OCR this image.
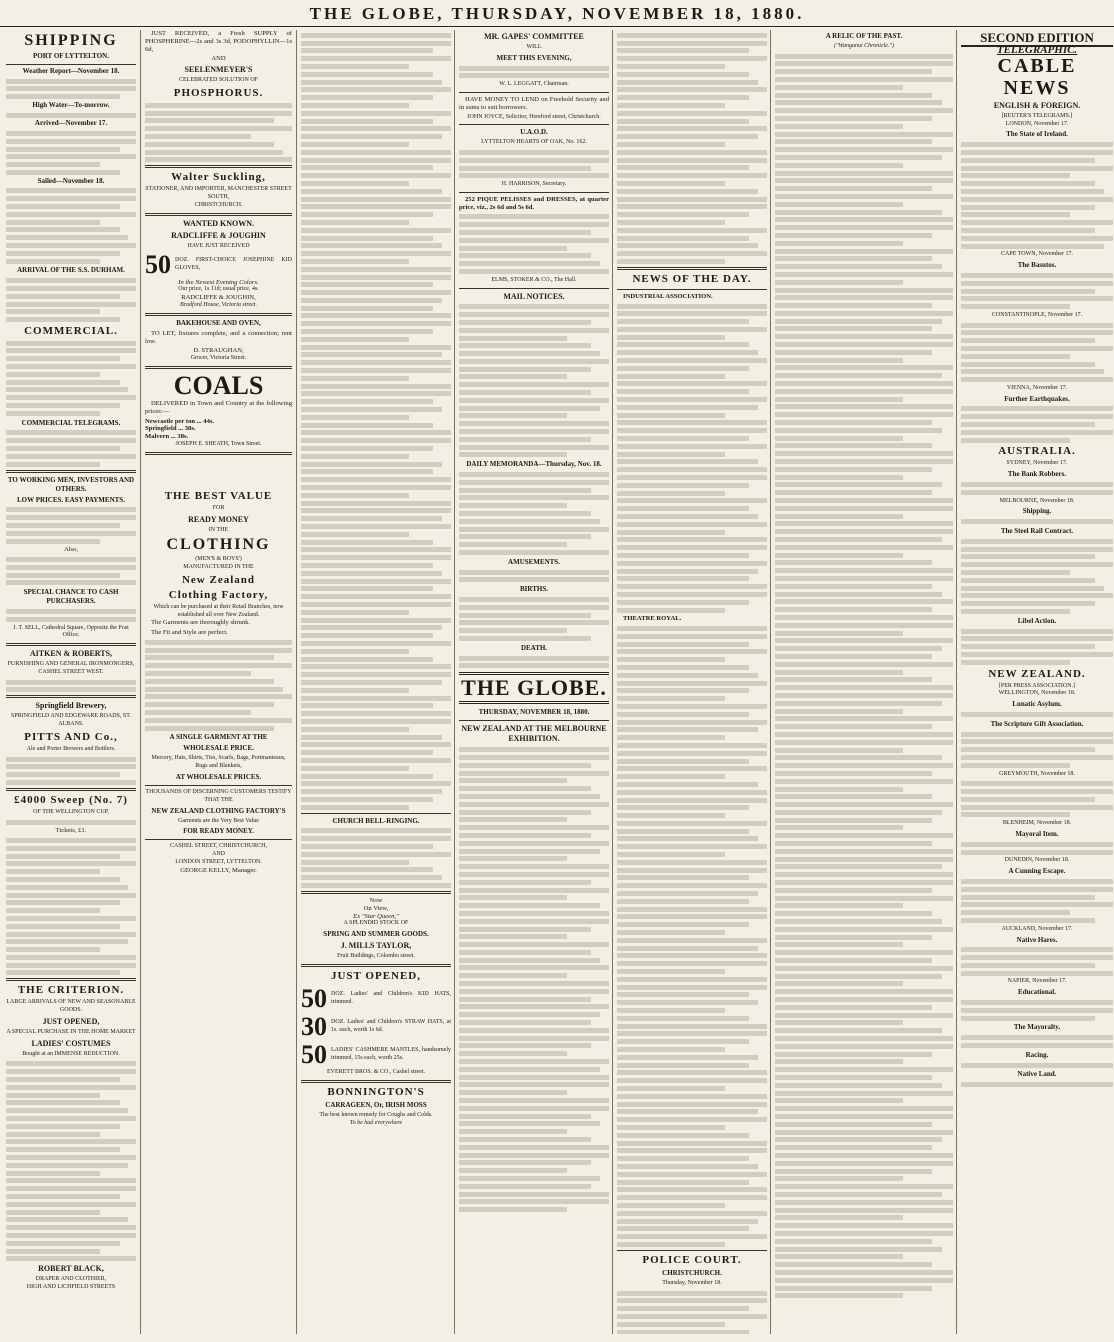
THE GLOBE, THURSDAY, NOVEMBER 18, 1880.
SHIPPING
PORT OF LYTTELTON.
Weather Report—November 18.
High Water—To-morrow.
Arrived—November 17.
Sailed—November 18.
ARRIVAL OF THE S.S. DURHAM.
COMMERCIAL.
COMMERCIAL TELEGRAMS.
TO WORKING MEN, INVESTORS AND OTHERS.
LOW PRICES. EASY PAYMENTS.
Also,
SPECIAL CHANCE TO CASH PURCHASERS.
J. T. SELL, Cathedral Square, Opposite the Post Office.
AITKEN & ROBERTS,
FURNISHING AND GENERAL IRONMONGERS,
CASHEL STREET WEST.
Springfield Brewery,
SPRINGFIELD AND EDGEWARE ROADS, ST. ALBANS.
PITTS AND Co.,
Ale and Porter Brewers and Bottlers.
£4000 Sweep (No. 7)
OF THE WELLINGTON CUP,
Tickets, £1.
THE CRITERION.
LARGE ARRIVALS OF NEW AND SEASONABLE GOODS.
JUST OPENED,
A SPECIAL PURCHASE IN THE HOME MARKET
LADIES' COSTUMES
Bought at an IMMENSE REDUCTION.
ROBERT BLACK,
DRAPER AND CLOTHIER,
HIGH AND LICHFIELD STREETS
JUST RECEIVED, a Fresh SUPPLY of PHOSPHERINE—2s and 3s 3d, PODOPHYLLIN—1s 6d,
AND
SEELENMEYER'S
CELEBRATED SOLUTION OF
PHOSPHORUS.
Walter Suckling,
STATIONER, AND IMPORTER, MANCHESTER STREET SOUTH,
CHRISTCHURCH.
WANTED KNOWN.
RADCLIFFE & JOUGHIN
HAVE JUST RECEIVED
50 DOZ. FIRST-CHOICE JOSEPHINE KID GLOVES,
In the Newest Evening Colors.
Our price, 1s 11d; usual price, 4s.
RADCLIFFE & JOUGHIN,
Bradford House, Victoria street.
BAKEHOUSE AND OVEN,
TO LET, fixtures complete, and a connection; rent low.
D. STRAUGHAN,
Grocer, Victoria Street.
COALS
DELIVERED in Town and Country at the following prices:—
Newcastle per ton ... 44s.
Springfield ... 38s.
Malvern ... 38s.
JOSEPH E. SHEATH, Town Street.
THE BEST VALUE
FOR
READY MONEY
IN THE
CLOTHING
(MEN'S & BOYS')
MANUFACTURED IN THE
New Zealand
Clothing Factory,
Which can be purchased at their Retail Branches, now established all over New Zealand.
The Garments are thoroughly shrunk.
The Fit and Style are perfect.
A SINGLE GARMENT AT THE
WHOLESALE PRICE.
Mercery, Hats, Shirts, Ties, Scarfs, Bags, Portmanteaus, Rugs and Blankets,
AT WHOLESALE PRICES.
THOUSANDS OF DISCERNING CUSTOMERS TESTIFY
THAT THE
NEW ZEALAND CLOTHING FACTORY'S
Garments are the Very Best Value
FOR READY MONEY.
CASHEL STREET, CHRISTCHURCH,
AND
LONDON STREET, LYTTELTON.
GEORGE KELLY, Manager.
CHURCH BELL-RINGING.
Now
On View,
Ex "Star Queen,"
A SPLENDID STOCK OF
SPRING AND SUMMER GOODS.
J. MILLS TAYLOR,
Fruit Buildings, Colombo street.
JUST OPENED,
50 DOZ. Ladies' and Children's KID HATS, trimmed.
30 DOZ. Ladies' and Children's STRAW HATS, at 1s. each, worth 1s 6d.
50 LADIES' CASHMERE MANTLES, handsomely trimmed, 15s each, worth 25s.
EVERETT BROS. & CO., Cashel street.
BONNINGTON'S
CARRAGEEN, Or, IRISH MOSS
The best known remedy for Coughs and Colds.
To be had everywhere
MR. GAPES' COMMITTEE
WILL
MEET THIS EVENING,
W. L. LEGGATT, Chairman.
HAVE MONEY TO LEND on Freehold Security and in sums to suit borrowers.
JOHN JOYCE, Solicitor, Hereford street, Christchurch.
U.A.O.D.
LYTTELTON HEARTS OF OAK, No. 162.
H. HARRISON, Secretary.
252 PIQUE PELISSES and DRESSES, at quarter price, viz., 2s 6d and 5s 6d.
ELMS, STOKER & CO., The Hall.
MAIL NOTICES.
DAILY MEMORANDA—Thursday, Nov. 18.
AMUSEMENTS.
BIRTHS.
DEATH.
THE GLOBE.
THURSDAY, NOVEMBER 18, 1880.
NEW ZEALAND AT THE MELBOURNE EXHIBITION.
NEWS OF THE DAY.
INDUSTRIAL ASSOCIATION.
THEATRE ROYAL.
POLICE COURT.
CHRISTCHURCH.
Thursday, November 18.
A RELIC OF THE PAST.
("Wanganui Chronicle.")
SECOND EDITION
TELEGRAPHIC.
CABLE NEWS
ENGLISH & FOREIGN.
[REUTER'S TELEGRAMS.]
LONDON, November 17.
The State of Ireland.
CAPE TOWN, November 17.
The Basutos.
CONSTANTINOPLE, November 17.
VIENNA, November 17.
Further Earthquakes.
AUSTRALIA.
SYDNEY, November 17.
The Bank Robbers.
MELBOURNE, November 18.
Shipping.
The Steel Rail Contract.
Libel Action.
NEW ZEALAND.
[PER PRESS ASSOCIATION.]
WELLINGTON, November 18.
Lunatic Asylum.
The Scripture Gift Association.
GREYMOUTH, November 18.
BLENHEIM, November 18.
Mayoral Item.
DUNEDIN, November 18.
A Cunning Escape.
AUCKLAND, November 17.
Native Hares.
NAPIER, November 17.
Educational.
The Mayoralty.
Racing.
Native Land.
